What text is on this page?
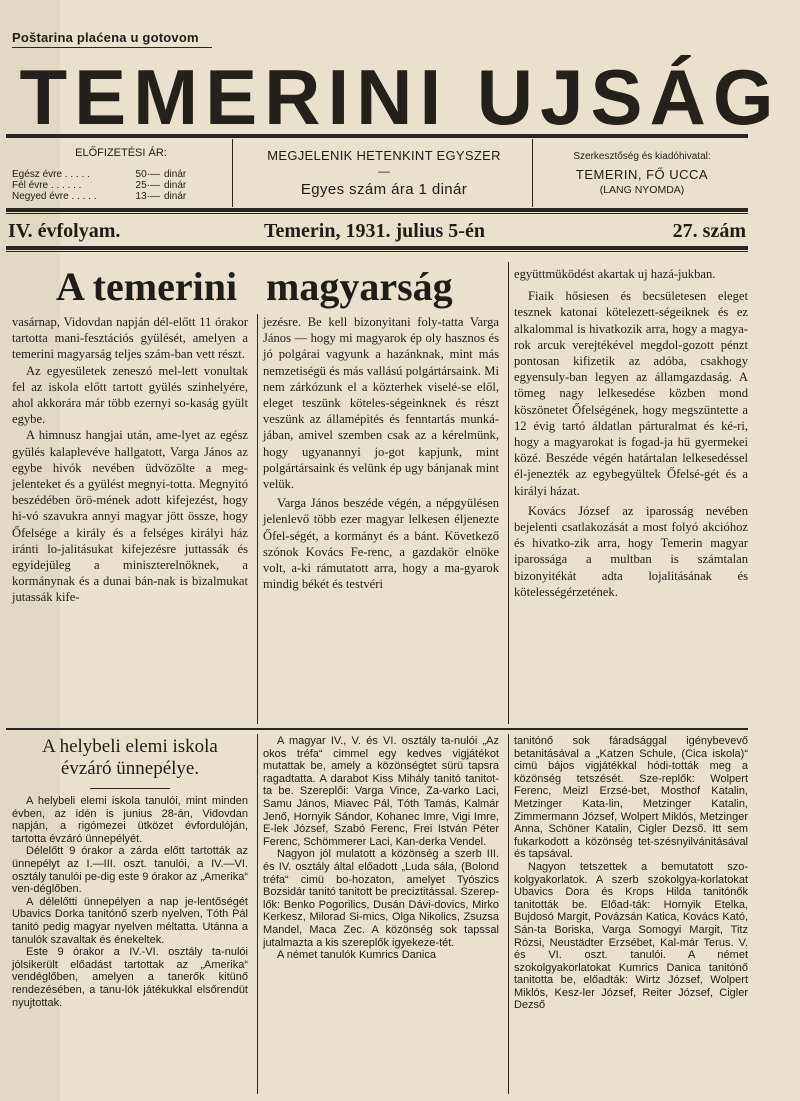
Poštarina plaćena u gotovom
TEMERINI UJSÁG
ELŐFIZETÉSI ÁR:
Egész évre . . . . .	50·— dinár
Fél évre . . . . . .	25·— dinár
Negyed évre . . . . .	13·— dinár
MEGJELENIK HETENKINT EGYSZER
—
Egyes szám ára 1 dinár
Szerkesztőség és kiadóhivatal:
TEMERIN, FŐ UCCA
(LANG NYOMDA)
IV. évfolyam.	Temerin, 1931. julius 5-én	27. szám
A temerini magyarság

vasárnap, Vidovdan napján dél-előtt 11 órakor tartotta mani-fesztációs gyülését, amelyen a temerini magyarság teljes szám-ban vett részt.

Az egyesületek zeneszó mel-lett vonultak fel az iskola előtt tartott gyülés szinhelyére, ahol akkorára már több ezernyi so-kaság gyült egybe.

A himnusz hangjai után, ame-lyet az egész gyülés kalaplevéve hallgatott, Varga János az egybe hivók nevében üdvözölte a meg-jelenteket és a gyülést megnyi-totta. Megnyitó beszédében örö-mének adott kifejezést, hogy hi-vó szavukra annyi magyar jött össze, hogy Őfelsége a király és a felséges királyi ház iránti lo-jalitásukat kifejezésre juttassák és egyidejüleg a miniszterelnöknek, a kormánynak és a dunai bán-nak is bizalmukat jutassák kife-

jezésre. Be kell bizonyitani foly-tatta Varga János — hogy mi magyarok ép oly hasznos és jó polgárai vagyunk a hazánknak, mint más nemzetiségü és más vallású polgártársaink. Mi nem zárkózunk el a közterhek viselé-se elől, eleget teszünk köteles-ségeinknek és részt veszünk az államépités és fenntartás munká-jában, amivel szemben csak az a kérelmünk, hogy ugyanannyi jo-got kapjunk, mint polgártársaink és velünk ép ugy bánjanak mint velük.

Varga János beszéde végén, a népgyülésen jelenlevő több ezer magyar lelkesen éljenezte Őfel-ségét, a kormányt és a bánt. Következő szónok Kovács Fe-renc, a gazdakör elnöke volt, a-ki rámutatott arra, hogy a ma-gyarok mindig békét és testvéri

együttmüködést akartak uj hazá-jukban.

Fiaik hősiesen és becsületesen eleget tesznek katonai kötelezett-ségeiknek és ez alkalommal is hivatkozik arra, hogy a magya-rok arcuk verejtékével megdol-gozott pénzt pontosan kifizetik az adóba, csakhogy egyensuly-ban legyen az államgazdaság. A tömeg nagy lelkesedése közben mond köszönetet Őfelségének, hogy megszüntette a 12 évig tartó áldatlan párturalmat és ké-ri, hogy a magyarokat is fogad-ja hü gyermekei közé. Beszéde végén határtalan lelkesedéssel él-jenezték az egybegyültek Őfelsé-gét és a királyi házat.

Kovács József az iparosság nevében bejelenti csatlakozását a most folyó akcióhoz és hivatko-zik arra, hogy Temerin magyar iparossága a multban is számtalan bizonyitékát adta lojalitásának és kötelességérzetének.

A helybeli elemi iskola
évzáró ünnepélye.

A helybeli elemi iskola tanulói, mint minden évben, az idén is junius 28-án, Vidovdan napján, a rigómezei ütközet évfordulóján, tartotta évzáró ünnepélyét.

Délelőtt 9 órakor a zárda előtt tartották az ünnepélyt az I.—III. oszt. tanulói, a IV.—VI. osztály tanulói pe-dig este 9 órakor az „Amerika“ ven-déglőben.

A délelőtti ünnepélyen a nap je-lentőségét Ubavics Dorka tanitónő szerb nyelven, Tóth Pál tanitó pedig magyar nyelven méltatta. Utánna a tanulók szavaltak és énekeltek.

Este 9 órakor a IV.-VI. osztály ta-nulói jólsikerült előadást tartottak az „Amerika“ vendéglőben, amelyen a tanerők kitünő rendezésében, a tanu-lók játékukkal elsőrendüt nyujtottak.

A magyar IV., V. és VI. osztály ta-nulói „Az okos tréfa“ cimmel egy kedves vigjátékot mutattak be, amely a közönségtet sürü tapsra ragadtatta. A darabot Kiss Mihály tanitó tanitot-ta be. Szereplői: Varga Vince, Za-varko Laci, Samu János, Miavec Pál, Tóth Tamás, Kalmár Jenő, Hornyik Sándor, Kohanec Imre, Vigi Imre, E-lek József, Szabó Ferenc, Frei István Péter Ferenc, Schömmerer Laci, Kan-derka Vendel.

Nagyon jól mulatott a közönség a szerb III. és IV. osztály által előadott „Luda sála, (Bolond tréfa“ cimü bo-hozaton, amelyet Tyószics Bozsidár tanitó tanitott be preciztitással. Szerep-lők: Benko Pogorilics, Dusán Dávi-dovics, Mirko Kerkesz, Milorad Si-mics, Olga Nikolics, Zsuzsa Mandel, Maca Zec. A közönség sok tapssal jutalmazta a kis szereplők igyekeze-tét.

A német tanulók Kumrics Danica

tanitónő sok fáradsággal igénybevevő betanitásával a „Katzen Schule, (Cica iskola)“ cimü bájos vigjátékkal hódi-tották meg a közönség tetszését. Sze-replők: Wolpert Ferenc, Meizl Erzsé-bet, Mosthof Katalin, Metzinger Kata-lin, Metzinger Katalin, Zimmermann József, Wolpert Miklós, Metzinger Anna, Schöner Katalin, Cigler Dezső. Itt sem fukarkodott a közönség tet-szésnyilvánitásával és tapsával.

Nagyon tetszettek a bemutatott szo-kolgyakorlatok. A szerb szokolgya-korlatokat Ubavics Dora és Krops Hilda tanitónők tanitották be. Előad-ták: Hornyik Etelka, Bujdosó Margit, Povázsán Katica, Kovács Kató, Sán-ta Boriska, Varga Somogyi Margit, Titz Rózsi, Neustädter Erzsébet, Kal-már Terus. V. és VI. oszt. tanulói. A német szokolgyakorlatokat Kumrics Danica tanitónő tanitotta be, előadták: Wirtz József, Wolpert Miklós, Kesz-ler József, Reiter József, Cigler Dezső
